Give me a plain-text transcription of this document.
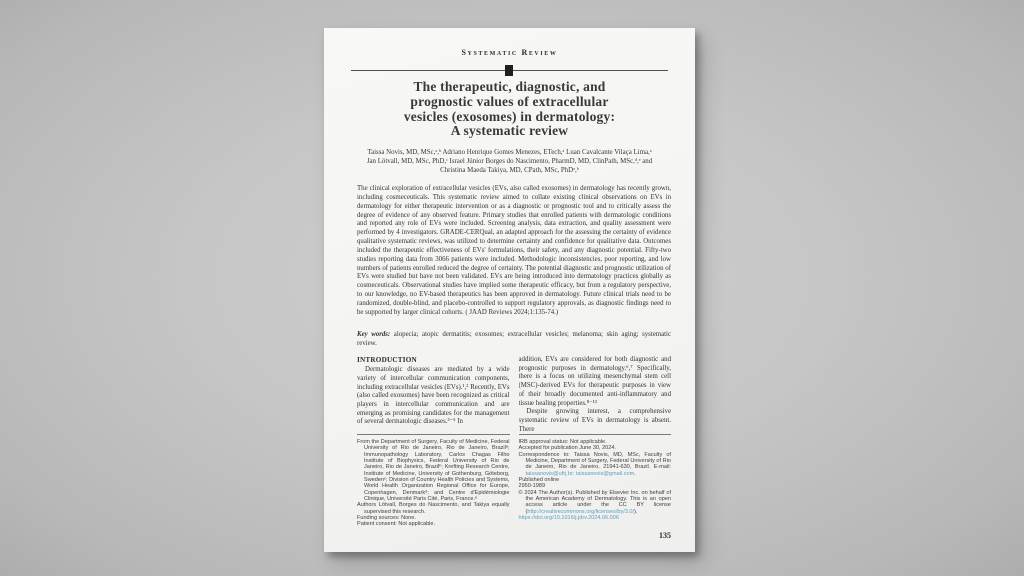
Systematic Review
The therapeutic, diagnostic, and
prognostic values of extracellular
vesicles (exosomes) in dermatology:
A systematic review
Taissa Novis, MD, MSc,ᵃ,ᵇ Adriano Henrique Gomes Menezes, ETech,ᵃ Luan Cavalcante Vilaça Lima,ᵃ
Jan Lötvall, MD, MSc, PhD,ᶜ Israel Júnior Borges do Nascimento, PharmD, MD, ClinPath, MSc,ᵈ,ᵉ and
Christina Maeda Takiya, MD, CPath, MSc, PhDᵃ,ᵇ
The clinical exploration of extracellular vesicles (EVs, also called exosomes) in dermatology has recently grown, including cosmeceuticals. This systematic review aimed to collate existing clinical observations on EVs in dermatology for either therapeutic intervention or as a diagnostic or prognostic tool and to critically assess the degree of evidence of any observed feature. Primary studies that enrolled patients with dermatologic conditions and reported any role of EVs were included. Screening analysis, data extraction, and quality assessment were performed by 4 investigators. GRADE-CERQual, an adapted approach for the assessing the certainty of evidence qualitative systematic reviews, was utilized to determine certainty and confidence for qualitative data. Outcomes included the therapeutic effectiveness of EVs' formulations, their safety, and any diagnostic potential. Fifty-two studies reporting data from 3066 patients were included. Methodologic inconsistencies, poor reporting, and low numbers of patients enrolled reduced the degree of certainty. The potential diagnostic and prognostic utilization of EVs were studied but have not been validated. EVs are being introduced into dermatology practices globally as cosmeceuticals. Observational studies have implied some therapeutic efficacy, but from a regulatory perspective, to our knowledge, no EV-based therapeutics has been approved in dermatology. Future clinical trials need to be randomized, double-blind, and placebo-controlled to support regulatory approvals, as diagnostic findings need to be supported by larger clinical cohorts. ( JAAD Reviews 2024;1:135-74.)
Key words: alopecia; atopic dermatitis; exosomes; extracellular vesicles; melanoma; skin aging; systematic review.
INTRODUCTION

Dermatologic diseases are mediated by a wide variety of intercellular communication components, including extracellular vesicles (EVs).¹,² Recently, EVs (also called exosomes) have been recognized as critical players in intercellular communication and are emerging as promising candidates for the management of several dermatologic diseases.³⁻⁵ In

From the Department of Surgery, Faculty of Medicine, Federal University of Rio de Janeiro, Rio de Janeiro, Brazilᵃ; Immunopathology Laboratory, Carlos Chagas Filho Institute of Biophysics, Federal University of Rio de Janeiro, Rio de Janeiro, Brazilᵇ; Krefting Research Centre, Institute of Medicine, University of Gothenburg, Göteborg, Swedenᶜ; Division of Country Health Policies and Systems, World Health Organization Regional Office for Europe, Copenhagen, Denmarkᵈ; and Centre d'Epidémiologie Clinique, Université Paris Cité, Paris, France.ᵉ

Authors Lötvall, Borges do Nascimento, and Takiya equally supervised this research.

Funding sources: None.

Patient consent: Not applicable.

addition, EVs are considered for both diagnostic and prognostic purposes in dermatology.⁶,⁷ Specifically, there is a focus on utilizing mesenchymal stem cell (MSC)-derived EVs for therapeutic purposes in view of their broadly documented anti-inflammatory and tissue healing properties.⁸⁻¹³

Despite growing interest, a comprehensive systematic review of EVs in dermatology is absent. There

IRB approval status: Not applicable.

Accepted for publication June 30, 2024.

Correspondence to: Taissa Novis, MD, MSc, Faculty of Medicine, Department of Surgery, Federal University of Rio de Janeiro, Rio de Janeiro, 21941-630, Brazil. E-mail: taissanovis@ufrj.br; taissanovis@gmail.com.

Published online

2950-1989

© 2024 The Author(s). Published by Elsevier Inc. on behalf of the American Academy of Dermatology. This is an open access article under the CC BY license (http://creativecommons.org/licenses/by/3.0/).

https://doi.org/10.1016/j.jdrv.2024.06.006

135
